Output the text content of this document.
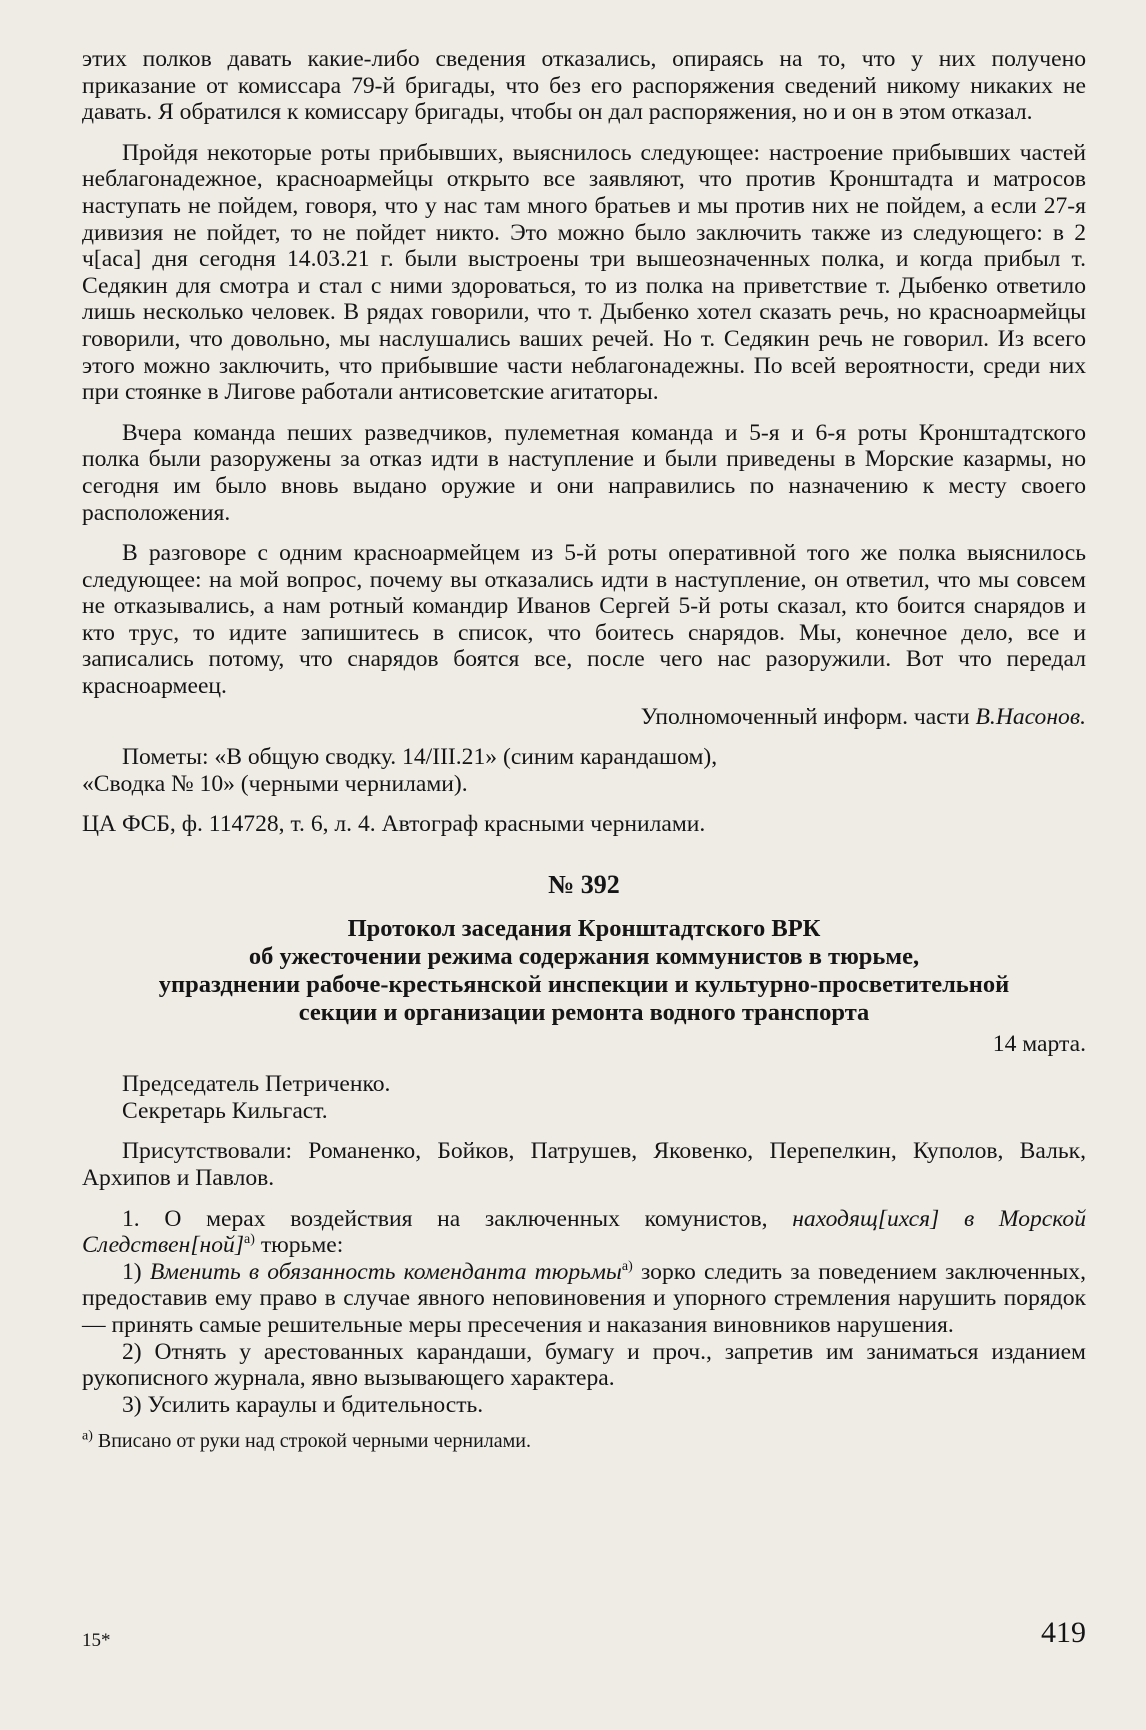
этих полков давать какие-либо сведения отказались, опираясь на то, что у них получено приказание от комиссара 79-й бригады, что без его распоряжения сведений никому никаких не давать. Я обратился к комиссару бригады, чтобы он дал распоряжения, но и он в этом отказал.

Пройдя некоторые роты прибывших, выяснилось следующее: настроение прибывших частей неблагонадежное, красноармейцы открыто все заявляют, что против Кронштадта и матросов наступать не пойдем, говоря, что у нас там много братьев и мы против них не пойдем, а если 27-я дивизия не пойдет, то не пойдет никто. Это можно было заключить также из следующего: в 2 ч[аса] дня сегодня 14.03.21 г. были выстроены три вышеозначенных полка, и когда прибыл т. Седякин для смотра и стал с ними здороваться, то из полка на приветствие т. Дыбенко ответило лишь несколько человек. В рядах говорили, что т. Дыбенко хотел сказать речь, но красноармейцы говорили, что довольно, мы наслушались ваших речей. Но т. Седякин речь не говорил. Из всего этого можно заключить, что прибывшие части неблагонадежны. По всей вероятности, среди них при стоянке в Лигове работали антисоветские агитаторы.

Вчера команда пеших разведчиков, пулеметная команда и 5-я и 6-я роты Кронштадтского полка были разоружены за отказ идти в наступление и были приведены в Морские казармы, но сегодня им было вновь выдано оружие и они направились по назначению к месту своего расположения.

В разговоре с одним красноармейцем из 5-й роты оперативной того же полка выяснилось следующее: на мой вопрос, почему вы отказались идти в наступление, он ответил, что мы совсем не отказывались, а нам ротный командир Иванов Сергей 5-й роты сказал, кто боится снарядов и кто трус, то идите запишитесь в список, что боитесь снарядов. Мы, конечное дело, все и записались потому, что снарядов боятся все, после чего нас разоружили. Вот что передал красноармеец.

Уполномоченный информ. части В.Насонов.

Пометы: «В общую сводку. 14/III.21» (синим карандашом),

«Сводка № 10» (черными чернилами).

ЦА ФСБ, ф. 114728, т. 6, л. 4. Автограф красными чернилами.

№ 392
Протокол заседания Кронштадтского ВРК
об ужесточении режима содержания коммунистов в тюрьме,
упразднении рабоче-крестьянской инспекции и культурно-просветительной
секции и организации ремонта водного транспорта
14 марта.

Председатель Петриченко.

Секретарь Кильгаст.

Присутствовали: Романенко, Бойков, Патрушев, Яковенко, Перепелкин, Куполов, Вальк, Архипов и Павлов.

1. О мерах воздействия на заключенных комунистов, находящ[ихся] в Морской Следствен[ной]$^{а)}$ тюрьме:

1) Вменить в обязанность коменданта тюрьмы$^{а)}$ зорко следить за поведением заключенных, предоставив ему право в случае явного неповиновения и упорного стремления нарушить порядок — принять самые решительные меры пресечения и наказания виновников нарушения.

2) Отнять у арестованных карандаши, бумагу и проч., запретив им заниматься изданием рукописного журнала, явно вызывающего характера.

3) Усилить караулы и бдительность.

$^{а)}$ Вписано от руки над строкой черными чернилами.
15*	419
